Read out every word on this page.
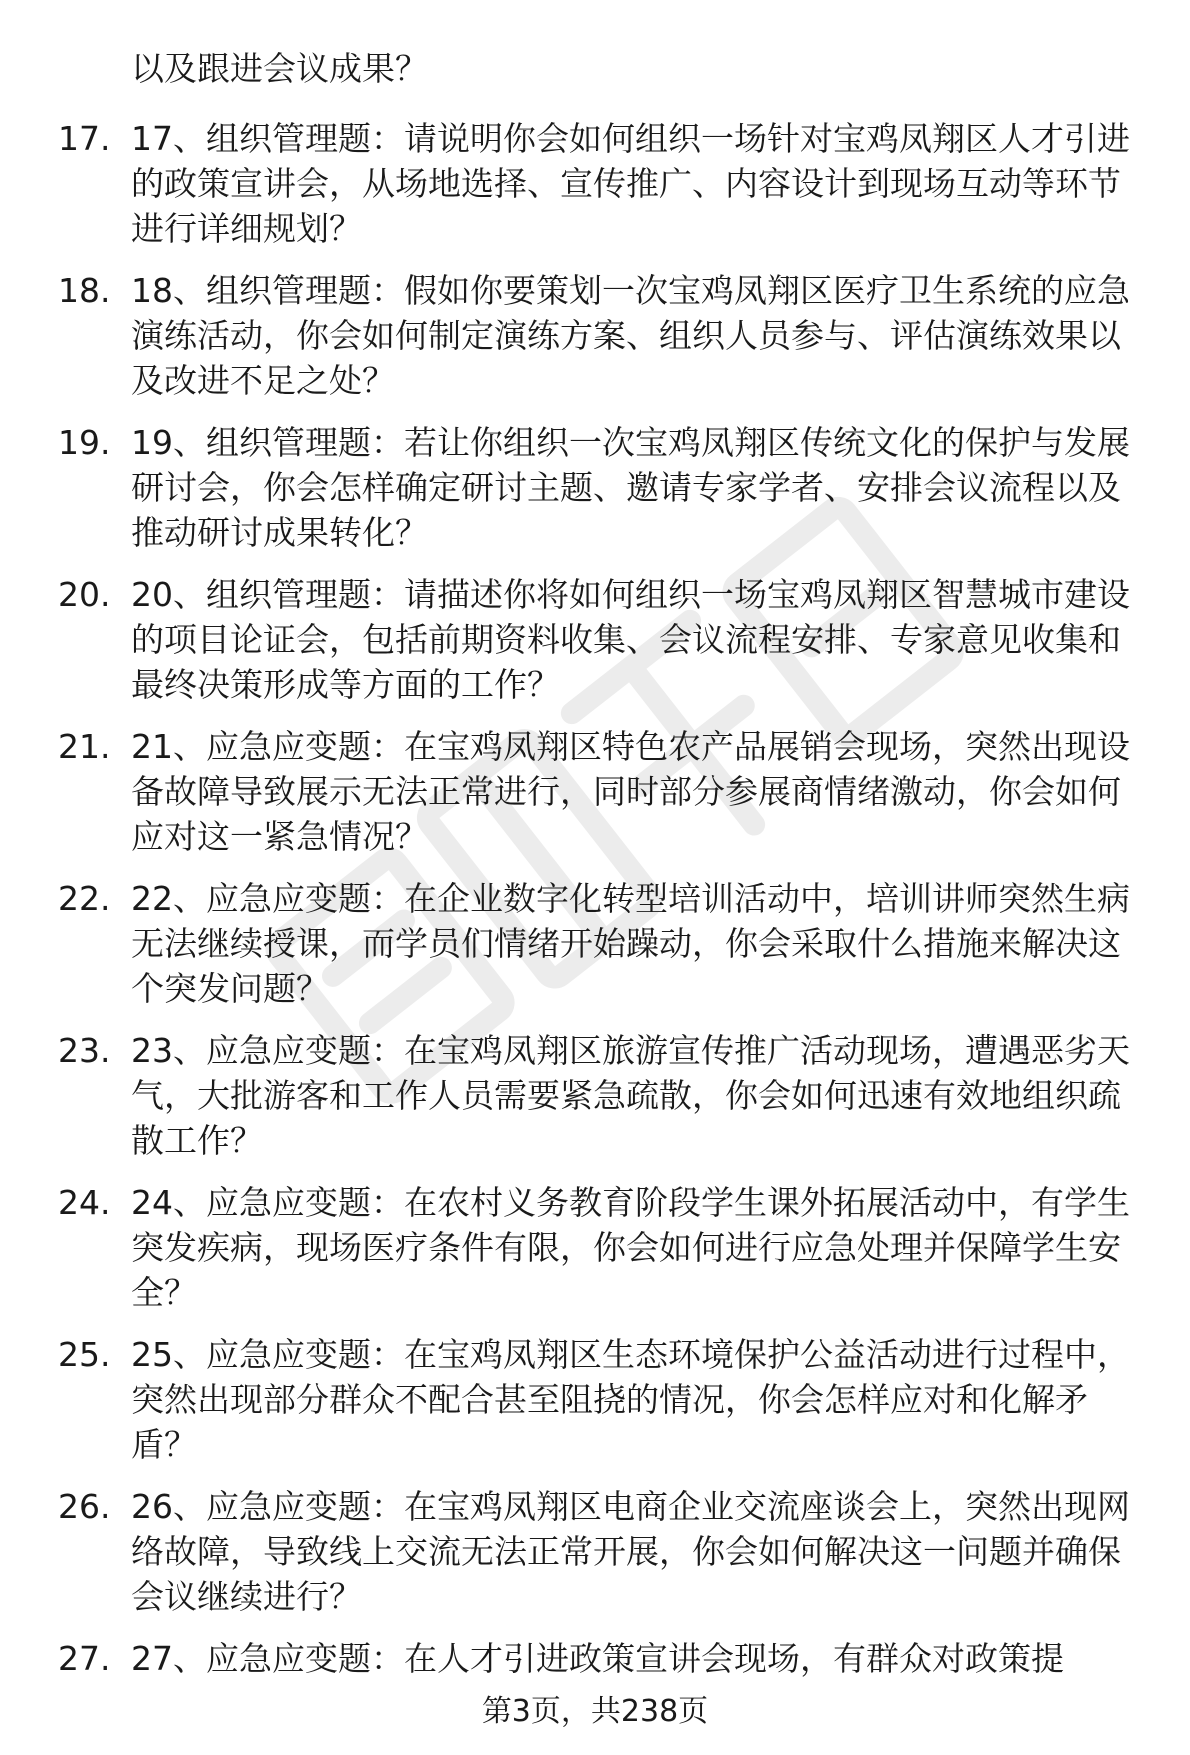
以及跟进会议成果？

17. 17、组织管理题：请说明你会如何组织一场针对宝鸡凤翔区人才引进的政策宣讲会，从场地选择、宣传推广、内容设计到现场互动等环节进行详细规划？

18. 18、组织管理题：假如你要策划一次宝鸡凤翔区医疗卫生系统的应急演练活动，你会如何制定演练方案、组织人员参与、评估演练效果以及改进不足之处？

19. 19、组织管理题：若让你组织一次宝鸡凤翔区传统文化的保护与发展研讨会，你会怎样确定研讨主题、邀请专家学者、安排会议流程以及推动研讨成果转化？

20. 20、组织管理题：请描述你将如何组织一场宝鸡凤翔区智慧城市建设的项目论证会，包括前期资料收集、会议流程安排、专家意见收集和最终决策形成等方面的工作？

21. 21、应急应变题：在宝鸡凤翔区特色农产品展销会现场，突然出现设备故障导致展示无法正常进行，同时部分参展商情绪激动，你会如何应对这一紧急情况？

22. 22、应急应变题：在企业数字化转型培训活动中，培训讲师突然生病无法继续授课，而学员们情绪开始躁动，你会采取什么措施来解决这个突发问题？

23. 23、应急应变题：在宝鸡凤翔区旅游宣传推广活动现场，遭遇恶劣天气，大批游客和工作人员需要紧急疏散，你会如何迅速有效地组织疏散工作？

24. 24、应急应变题：在农村义务教育阶段学生课外拓展活动中，有学生突发疾病，现场医疗条件有限，你会如何进行应急处理并保障学生安全？

25. 25、应急应变题：在宝鸡凤翔区生态环境保护公益活动进行过程中，突然出现部分群众不配合甚至阻挠的情况，你会怎样应对和化解矛盾？

26. 26、应急应变题：在宝鸡凤翔区电商企业交流座谈会上，突然出现网络故障，导致线上交流无法正常开展，你会如何解决这一问题并确保会议继续进行？

27. 27、应急应变题：在人才引进政策宣讲会现场，有群众对政策提

第3页，共238页
